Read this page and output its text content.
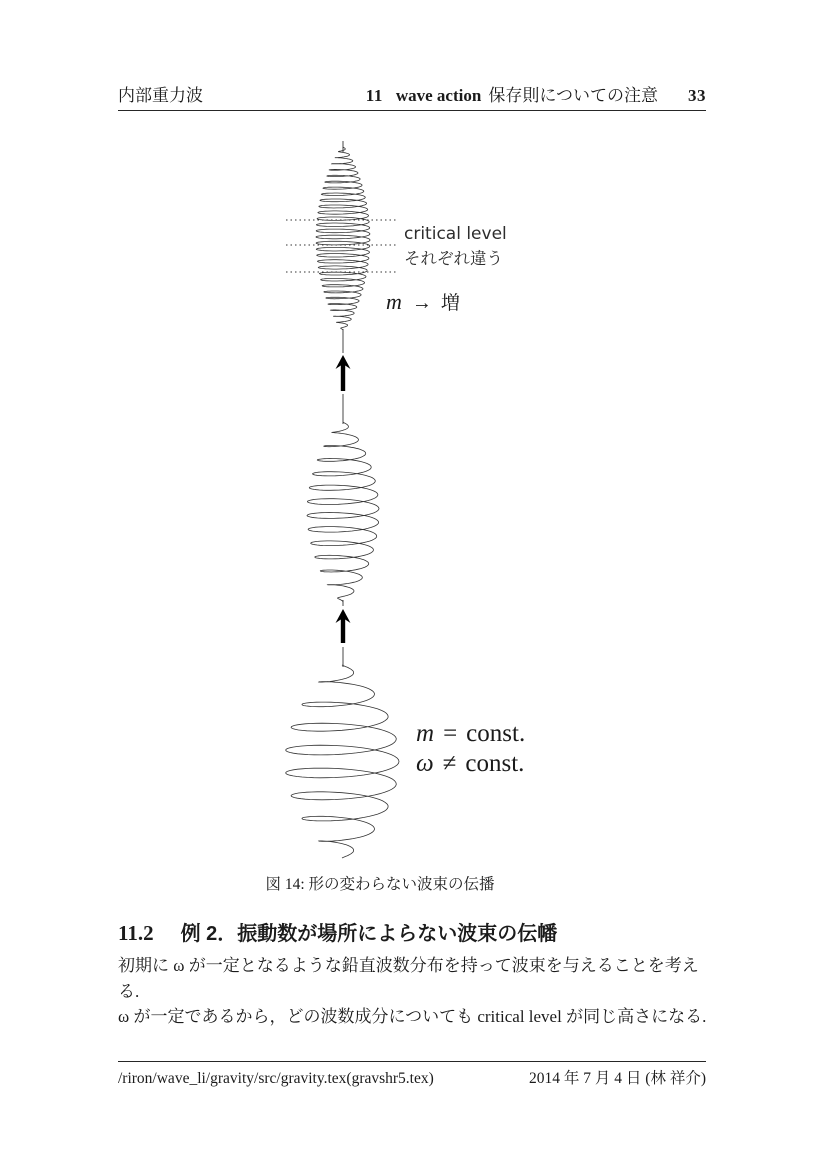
内部重力波	11 wave action 保存則についての注意 33
critical level
それぞれ違う
m → 増
m = const.
ω ≠ const.
図 14: 形の変わらない波束の伝播
11.2 例 2．振動数が場所によらない波束の伝幡
初期に ω が一定となるような鉛直波数分布を持って波束を与えることを考える.
ω が一定であるから，どの波数成分についても critical level が同じ高さになる.
/riron/wave_li/gravity/src/gravity.tex(gravshr5.tex)	2014 年 7 月 4 日 (林 祥介)
